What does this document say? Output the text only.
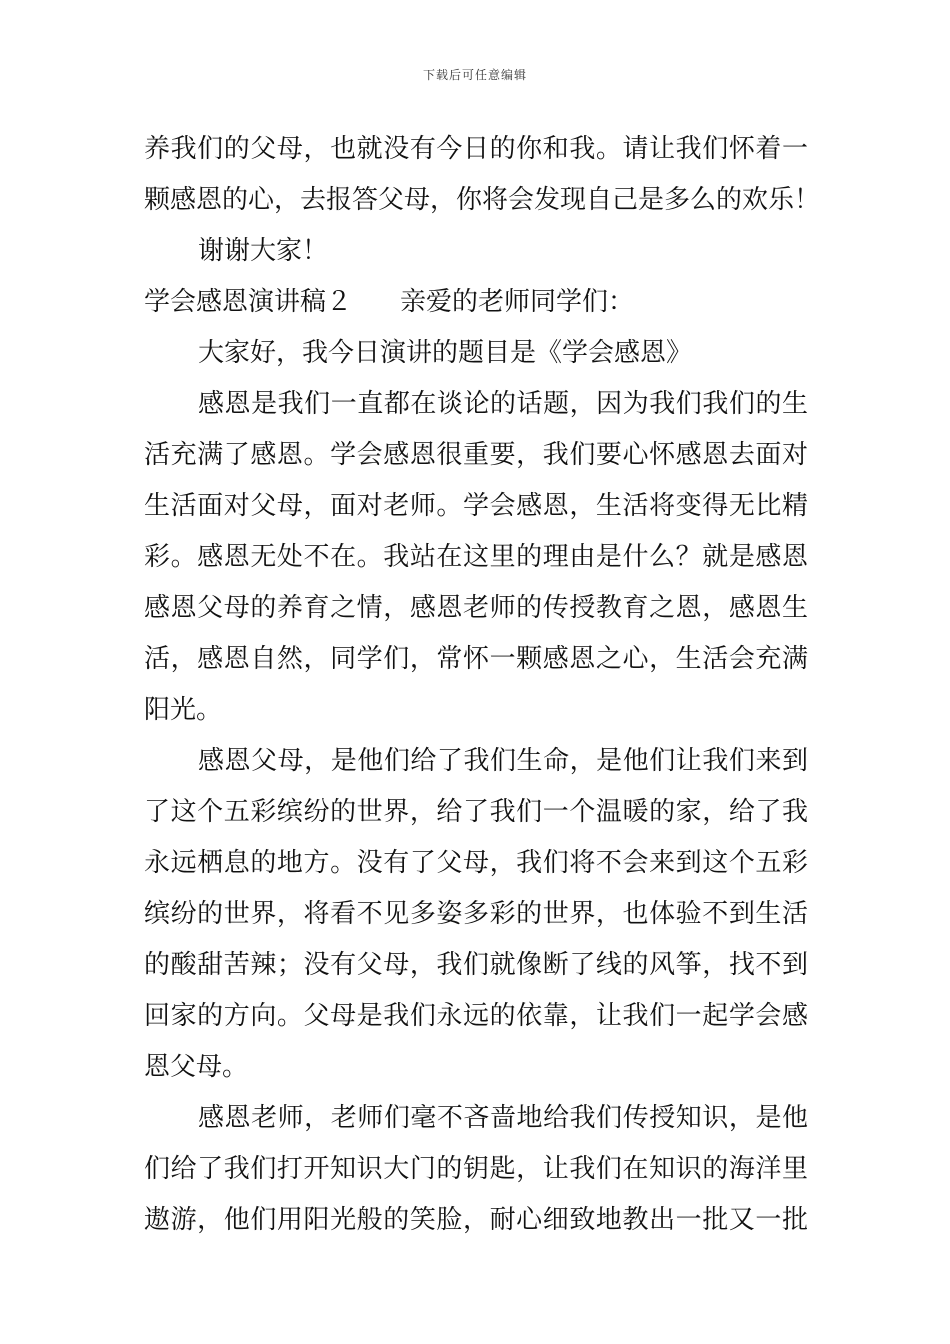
下载后可任意编辑
养我们的父母，也就没有今日的你和我。请让我们怀着一
颗感恩的心，去报答父母，你将会发现自己是多么的欢乐！
谢谢大家！
学会感恩演讲稿２ 亲爱的老师同学们：
大家好，我今日演讲的题目是《学会感恩》
感恩是我们一直都在谈论的话题，因为我们我们的生
活充满了感恩。学会感恩很重要，我们要心怀感恩去面对
生活面对父母，面对老师。学会感恩，生活将变得无比精
彩。感恩无处不在。我站在这里的理由是什么？就是感恩
感恩父母的养育之情，感恩老师的传授教育之恩，感恩生
活，感恩自然，同学们，常怀一颗感恩之心，生活会充满
阳光。
感恩父母，是他们给了我们生命，是他们让我们来到
了这个五彩缤纷的世界，给了我们一个温暖的家，给了我
永远栖息的地方。没有了父母，我们将不会来到这个五彩
缤纷的世界，将看不见多姿多彩的世界，也体验不到生活
的酸甜苦辣；没有父母，我们就像断了线的风筝，找不到
回家的方向。父母是我们永远的依靠，让我们一起学会感
恩父母。
感恩老师，老师们毫不吝啬地给我们传授知识，是他
们给了我们打开知识大门的钥匙，让我们在知识的海洋里
遨游，他们用阳光般的笑脸，耐心细致地教出一批又一批
